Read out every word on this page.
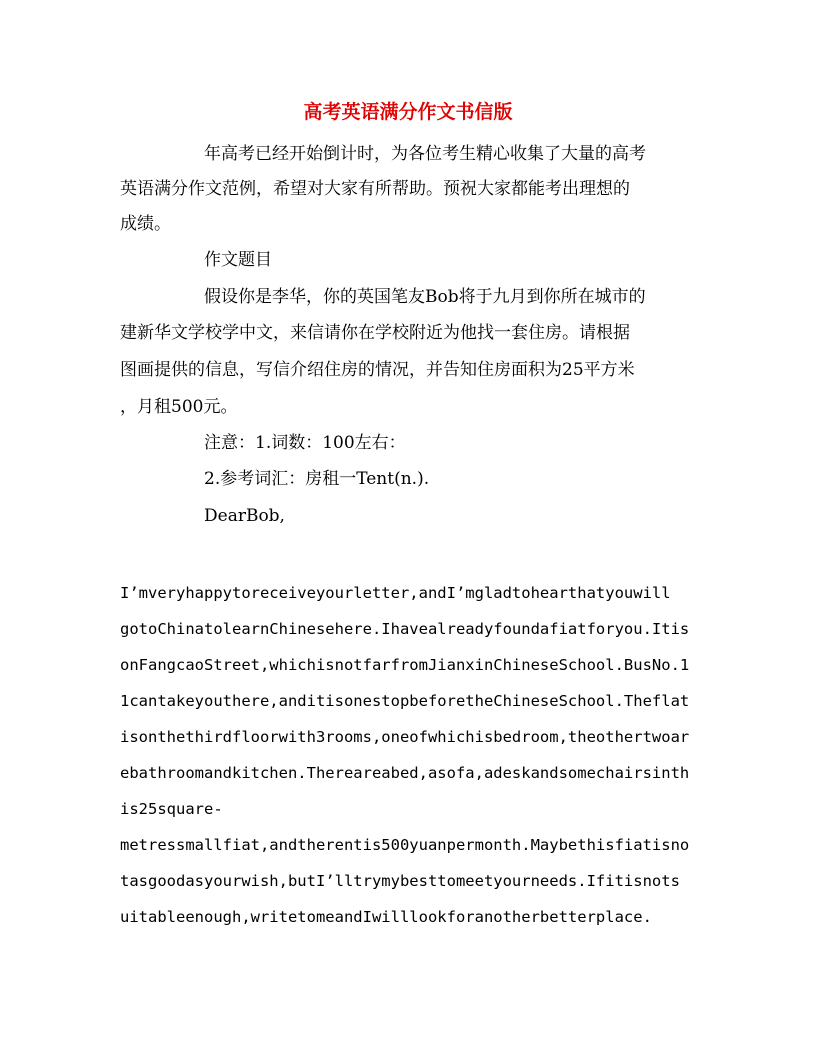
高考英语满分作文书信版
年高考已经开始倒计时，为各位考生精心收集了大量的高考
英语满分作文范例，希望对大家有所帮助。预祝大家都能考出理想的
成绩。
作文题目
假设你是李华，你的英国笔友Bob将于九月到你所在城市的
建新华文学校学中文，来信请你在学校附近为他找一套住房。请根据
图画提供的信息，写信介绍住房的情况，并告知住房面积为25平方米
，月租500元。
注意：1.词数：100左右：
2.参考词汇：房租一Tent(n.).
DearBob,
I’mveryhappytoreceiveyourletter,andI’mgladtohearthatyouwill
gotoChinatolearnChinesehere.Ihavealreadyfoundafiatforyou.Itis
onFangcaoStreet,whichisnotfarfromJianxinChineseSchool.BusNo.1
1cantakeyouthere,anditisonestopbeforetheChineseSchool.Theflat
isonthethirdfloorwith3rooms,oneofwhichisbedroom,theothertwoar
ebathroomandkitchen.Thereareabed,asofa,adeskandsomechairsinth
is25square-
metressmallfiat,andtherentis500yuanpermonth.Maybethisfiatisno
tasgoodasyourwish,butI’lltrymybesttomeetyourneeds.Ifitisnots
uitableenough,writetomeandIwilllookforanotherbetterplace.
